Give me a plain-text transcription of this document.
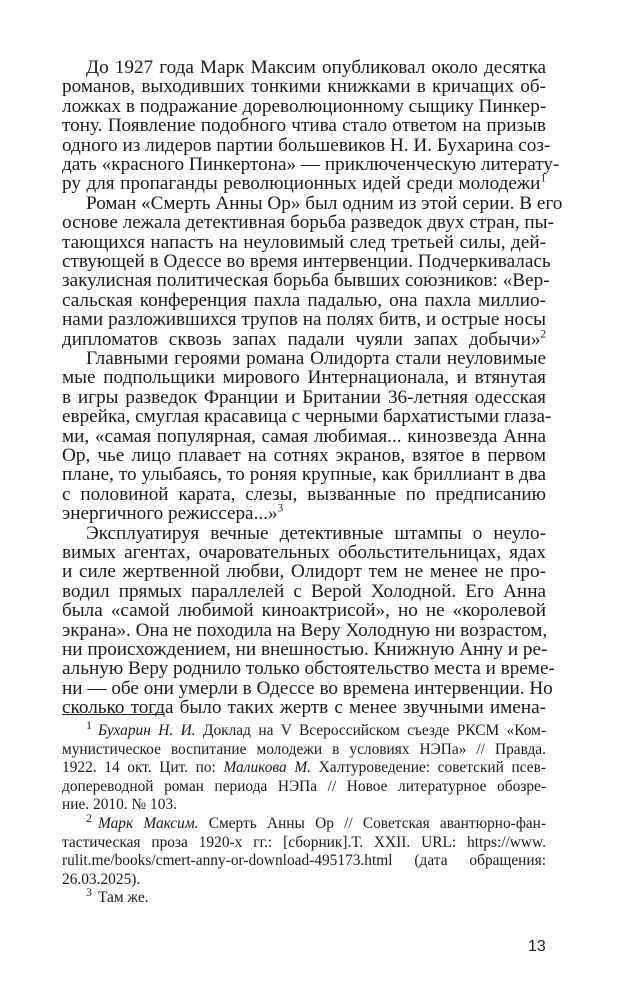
До 1927 года Марк Максим опубликовал около десятка
романов, выходивших тонкими книжками в кричащих об-
ложках в подражание дореволюционному сыщику Пинкер-
тону. Появление подобного чтива стало ответом на призыв
одного из лидеров партии большевиков Н. И. Бухарина соз-
дать «красного Пинкертона» — приключенческую литерату-
ру для пропаганды революционных идей среди молодежи$^1$
Роман «Смерть Анны Ор» был одним из этой серии. В его
основе лежала детективная борьба разведок двух стран, пы-
тающихся напасть на неуловимый след третьей силы, дей-
ствующей в Одессе во время интервенции. Подчеркивалась
закулисная политическая борьба бывших союзников: «Вер-
сальская конференция пахла падалью, она пахла миллио-
нами разложившихся трупов на полях битв, и острые носы
дипломатов сквозь запах падали чуяли запах добычи»$^2$
Главными героями романа Олидорта стали неуловимые
мые подпольщики мирового Интернационала, и втянутая
в игры разведок Франции и Британии 36-летняя одесская
еврейка, смуглая красавица с черными бархатистыми глаза-
ми, «самая популярная, самая любимая... кинозвезда Анна
Ор, чье лицо плавает на сотнях экранов, взятое в первом
плане, то улыбаясь, то роняя крупные, как бриллиант в два
с половиной карата, слезы, вызванные по предписанию
энергичного режиссера...»$^3$
Эксплуатируя вечные детективные штампы о неуло-
вимых агентах, очаровательных обольстительницах, ядах
и силе жертвенной любви, Олидорт тем не менее не про-
водил прямых параллелей с Верой Холодной. Его Анна
была «самой любимой киноактрисой», но не «королевой
экрана». Она не походила на Веру Холодную ни возрастом,
ни происхождением, ни внешностью. Книжную Анну и ре-
альную Веру роднило только обстоятельство места и време-
ни — обе они умерли в Одессе во времена интервенции. Но
сколько тогда было таких жертв с менее звучными имена-
$^1$ Бухарин Н. И. Доклад на V Всероссийском съезде РКСМ «Ком-
мунистическое воспитание молодежи в условиях НЭПа» // Правда.
1922. 14 окт. Цит. по: Маликова М. Халтуроведение: советский псев-
допереводной роман периода НЭПа // Новое литературное обозре-
ние. 2010. № 103.
$^2$ Марк Максим. Смерть Анны Ор // Советская авантюрно-фан-
тастическая проза 1920-х гг.: [сборник].Т. XXII. URL: https://www.
rulit.me/books/cmert-anny-or-download-495173.html (дата обращения:
26.03.2025).
$^3$ Там же.
13
